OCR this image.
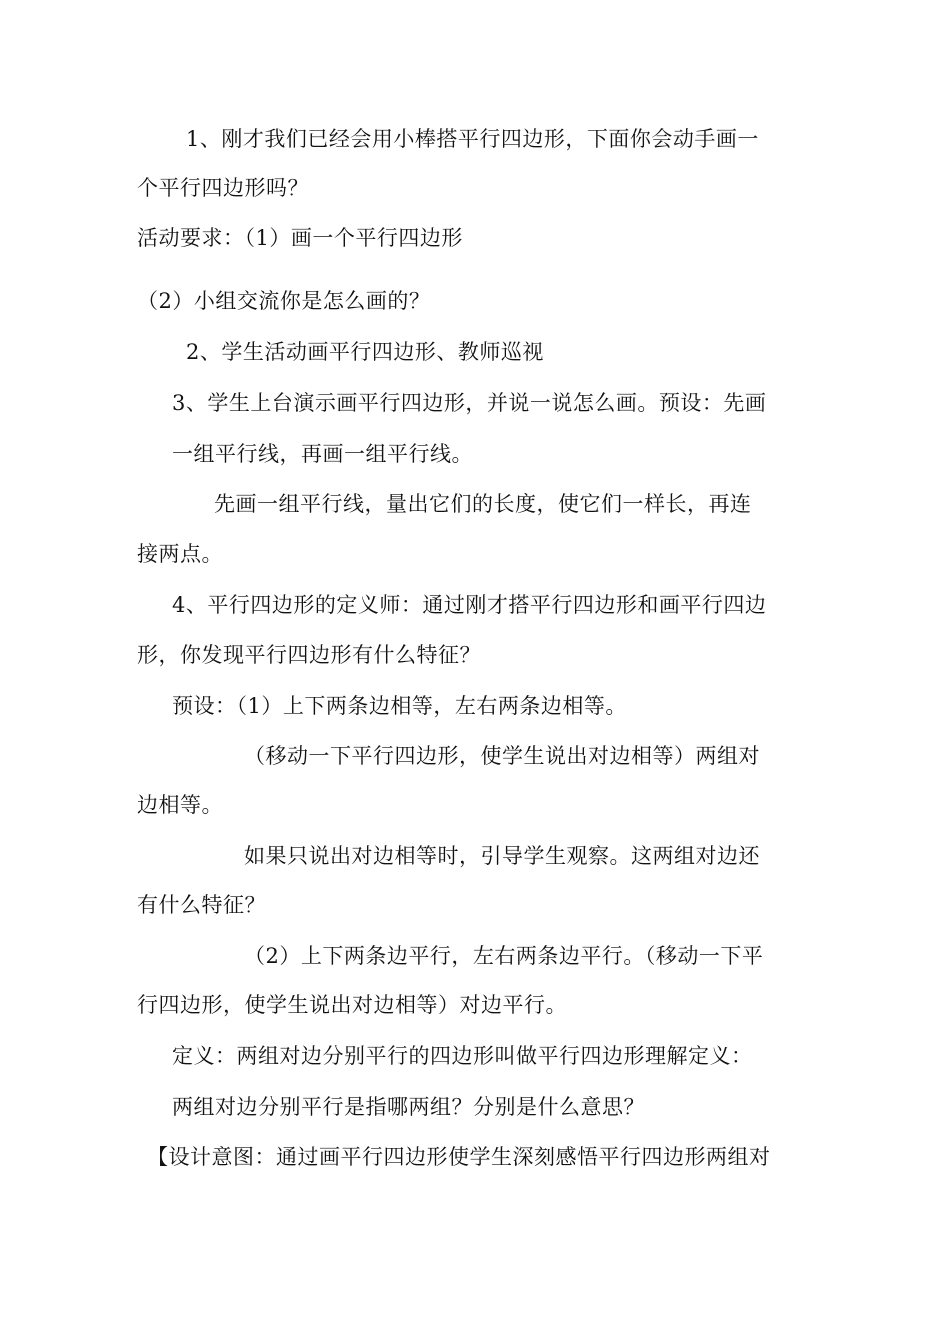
1、刚才我们已经会用小棒搭平行四边形，下面你会动手画一
个平行四边形吗？
活动要求：（1）画一个平行四边形
（2）小组交流你是怎么画的？
2、学生活动画平行四边形、教师巡视
3、学生上台演示画平行四边形，并说一说怎么画。预设：先画
一组平行线，再画一组平行线。
先画一组平行线，量出它们的长度，使它们一样长，再连
接两点。
4、平行四边形的定义师：通过刚才搭平行四边形和画平行四边
形，你发现平行四边形有什么特征？
预设：（1）上下两条边相等，左右两条边相等。
（移动一下平行四边形，使学生说出对边相等）两组对
边相等。
如果只说出对边相等时，引导学生观察。这两组对边还
有什么特征？
（2）上下两条边平行，左右两条边平行。（移动一下平
行四边形，使学生说出对边相等）对边平行。
定义：两组对边分别平行的四边形叫做平行四边形理解定义：
两组对边分别平行是指哪两组？分别是什么意思？
【设计意图：通过画平行四边形使学生深刻感悟平行四边形两组对
